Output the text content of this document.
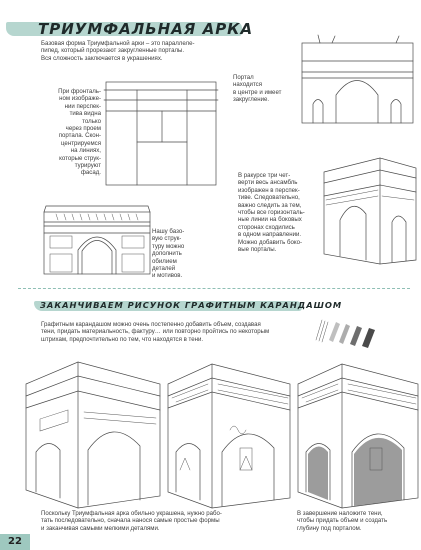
ТРИУМФАЛЬНАЯ АРКА
Базовая форма Триумфальной арки – это параллеле-
пипед, который прорезают закругленные порталы.
Вся сложность заключается в украшениях.
При фронталь-
ном изображе-
нии перспек-
тива видна
только
через проем
портала. Скон-
центрируемся
на линиях,
которые струк-
турируют
фасад.
Портал
находится
в центре и имеет
закругление.
В ракурсе три чет-
верти весь ансамбль
изображен в перспек-
тиве. Следовательно,
важно следить за тем,
чтобы все горизонталь-
ные линии на боковых
сторонах сходились
в одном направлении.
Можно добавить боко-
вые порталы.
Нашу базо-
вую струк-
туру можно
дополнить
обилием
деталей
и мотивов.
ЗАКАНЧИВАЕМ РИСУНОК ГРАФИТНЫМ КАРАНДАШОМ
Графитным карандашом можно очень постепенно добавить объем, создавая
тени, придать материальность, фактуру… или повторно пройтись по некоторым
штрихам, предпочтительно по тем, что находятся в тени.
Поскольку Триумфальная арка обильно украшена, нужно рабо-
тать последовательно, сначала нанося самые простые формы
и заканчивая самыми мелкими деталями.
В завершение наложите тени,
чтобы придать объем и создать
глубину под порталом.
22
